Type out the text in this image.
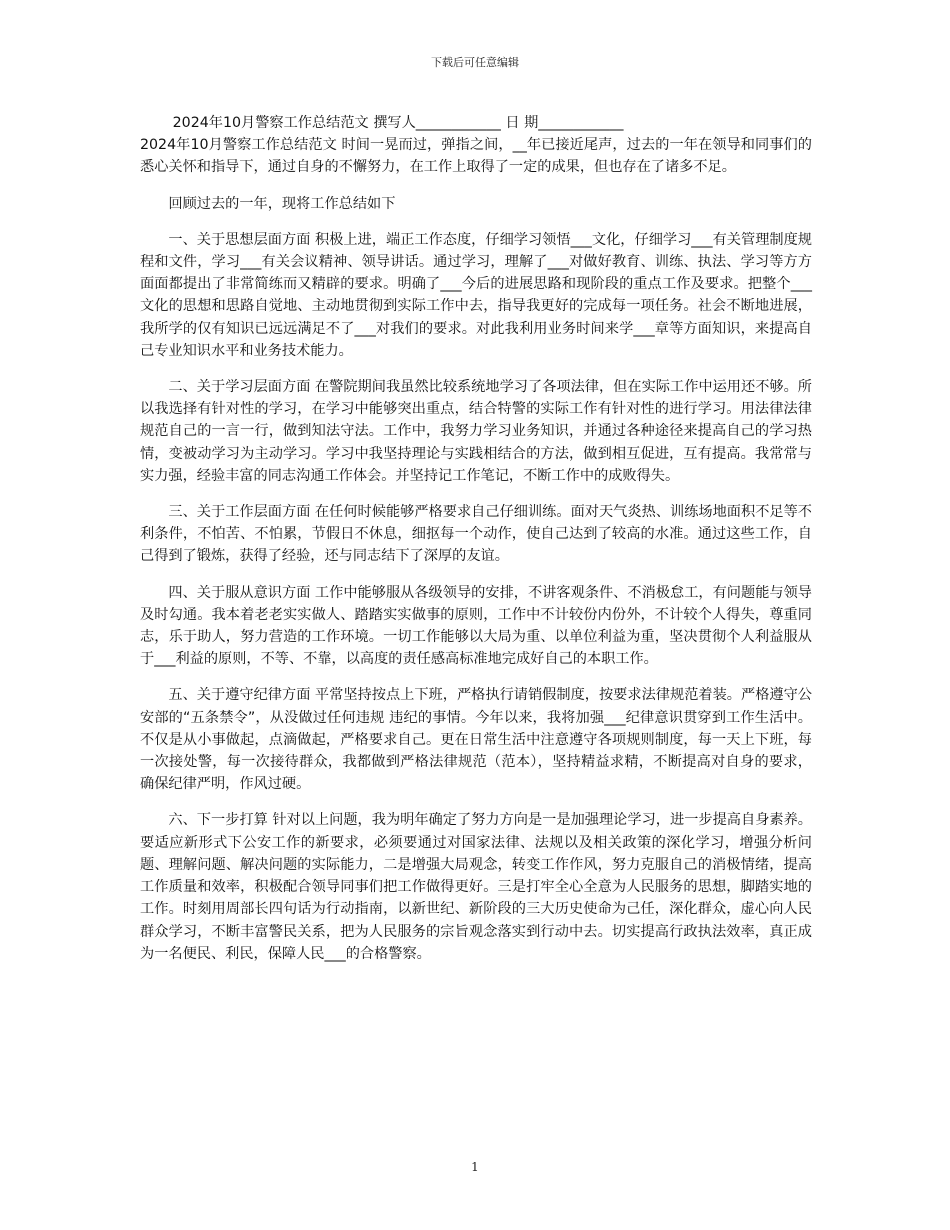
下载后可任意编辑

2024年10月警察工作总结范文 撰写人____________ 日 期____________

2024年10月警察工作总结范文 时间一晃而过，弹指之间，__年已接近尾声，过去的一年在领导和同事们的悉心关怀和指导下，通过自身的不懈努力，在工作上取得了一定的成果，但也存在了诸多不足。

回顾过去的一年，现将工作总结如下

一、关于思想层面方面 积极上进，端正工作态度，仔细学习领悟___文化，仔细学习___有关管理制度规程和文件，学习___有关会议精神、领导讲话。通过学习，理解了___对做好教育、训练、执法、学习等方方面面都提出了非常简练而又精辟的要求。明确了___今后的进展思路和现阶段的重点工作及要求。把整个___文化的思想和思路自觉地、主动地贯彻到实际工作中去，指导我更好的完成每一项任务。社会不断地进展，我所学的仅有知识已远远满足不了___对我们的要求。对此我利用业务时间来学___章等方面知识，来提高自己专业知识水平和业务技术能力。

二、关于学习层面方面 在警院期间我虽然比较系统地学习了各项法律，但在实际工作中运用还不够。所以我选择有针对性的学习，在学习中能够突出重点，结合特警的实际工作有针对性的进行学习。用法律法律规范自己的一言一行，做到知法守法。工作中，我努力学习业务知识，并通过各种途径来提高自己的学习热 情，变被动学习为主动学习。学习中我坚持理论与实践相结合的方法，做到相互促进，互有提高。我常常与实力强，经验丰富的同志沟通工作体会。并坚持记工作笔记，不断工作中的成败得失。

三、关于工作层面方面 在任何时候能够严格要求自己仔细训练。面对天气炎热、训练场地面积不足等不利条件，不怕苦、不怕累，节假日不休息，细抠每一个动作，使自己达到了较高的水准。通过这些工作，自己得到了锻炼，获得了经验，还与同志结下了深厚的友谊。

四、关于服从意识方面 工作中能够服从各级领导的安排，不讲客观条件、不消极怠工，有问题能与领导及时勾通。我本着老老实实做人、踏踏实实做事的原则，工作中不计较份内份外，不计较个人得失，尊重同志，乐于助人，努力营造的工作环境。一切工作能够以大局为重、以单位利益为重，坚决贯彻个人利益服从于___利益的原则，不等、不靠，以高度的责任感高标准地完成好自己的本职工作。

五、关于遵守纪律方面 平常坚持按点上下班，严格执行请销假制度，按要求法律规范着装。严格遵守公安部的“五条禁令”，从没做过任何违规 违纪的事情。今年以来，我将加强___纪律意识贯穿到工作生活中。不仅是从小事做起，点滴做起，严格要求自己。更在日常生活中注意遵守各项规则制度，每一天上下班，每一次接处警，每一次接待群众，我都做到严格法律规范（范本），坚持精益求精，不断提高对自身的要求，确保纪律严明，作风过硬。

六、下一步打算 针对以上问题，我为明年确定了努力方向是一是加强理论学习，进一步提高自身素养。要适应新形式下公安工作的新要求，必须要通过对国家法律、法规以及相关政策的深化学习，增强分析问题、理解问题、解决问题的实际能力，二是增强大局观念，转变工作作风，努力克服自己的消极情绪，提高工作质量和效率，积极配合领导同事们把工作做得更好。三是打牢全心全意为人民服务的思想，脚踏实地的工作。时刻用周部长四句话为行动指南，以新世纪、新阶段的三大历史使命为己任，深化群众，虚心向人民群众学习，不断丰富警民关系，把为人民服务的宗旨观念落实到行动中去。切实提高行政执法效率，真正成为一名便民、利民，保障人民___的合格警察。

1
